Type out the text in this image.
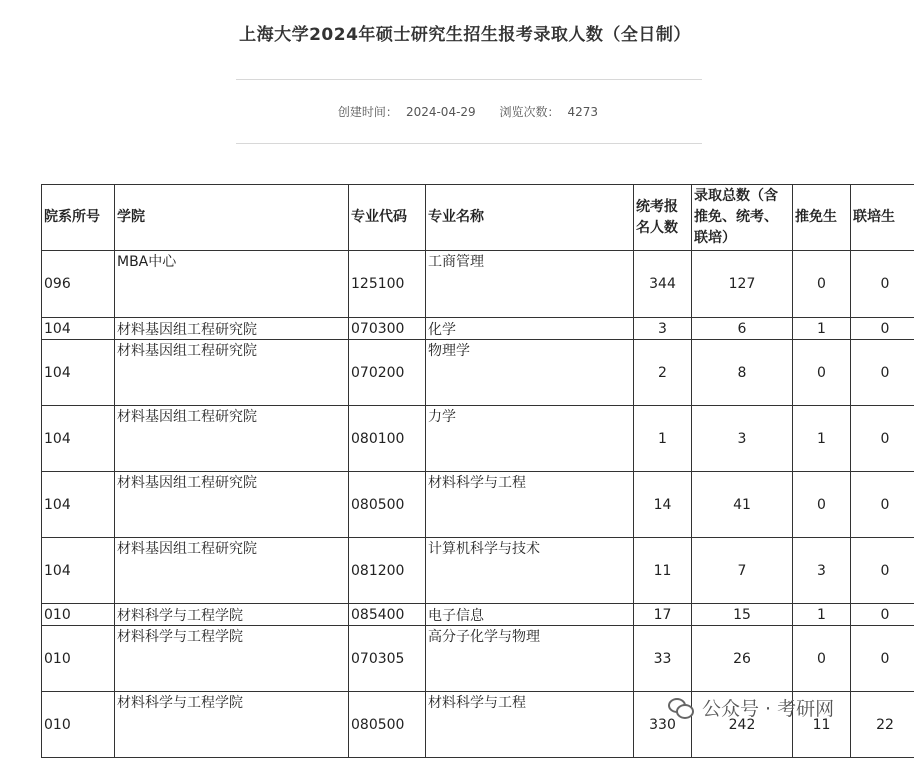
上海大学2024年硕士研究生招生报考录取人数（全日制）
创建时间： 2024-04-29 浏览次数： 4273
院系所号	学院	专业代码	专业名称	统考报名人数	录取总数（含推免、统考、联培）	推免生	联培生
096	MBA中心	125100	工商管理	344	127	0	0
104	材料基因组工程研究院	070300	化学	3	6	1	0
104	材料基因组工程研究院	070200	物理学	2	8	0	0
104	材料基因组工程研究院	080100	力学	1	3	1	0
104	材料基因组工程研究院	080500	材料科学与工程	14	41	0	0
104	材料基因组工程研究院	081200	计算机科学与技术	11	7	3	0
010	材料科学与工程学院	085400	电子信息	17	15	1	0
010	材料科学与工程学院	070305	高分子化学与物理	33	26	0	0
010	材料科学与工程学院	080500	材料科学与工程	330	242	11	22
公众号 · 考研网
